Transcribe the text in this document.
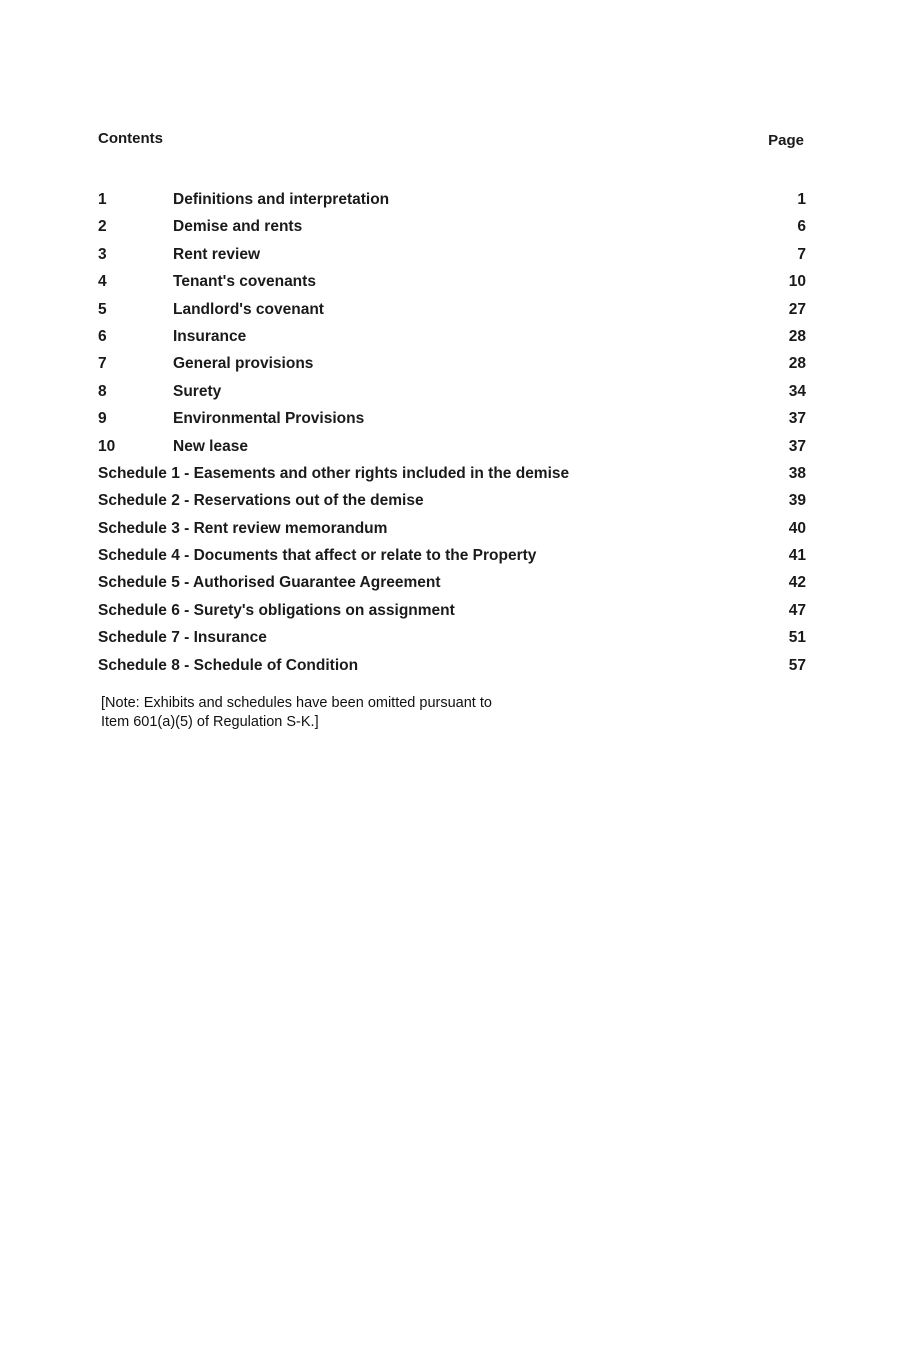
Contents	Page
1	Definitions and interpretation	1
2	Demise and rents	6
3	Rent review	7
4	Tenant's covenants	10
5	Landlord's covenant	27
6	Insurance	28
7	General provisions	28
8	Surety	34
9	Environmental Provisions	37
10	New lease	37
Schedule 1 - Easements and other rights included in the demise	38
Schedule 2 - Reservations out of the demise	39
Schedule 3 - Rent review memorandum	40
Schedule 4 - Documents that affect or relate to the Property	41
Schedule 5 - Authorised Guarantee Agreement	42
Schedule 6 - Surety's obligations on assignment	47
Schedule 7 - Insurance	51
Schedule 8 - Schedule of Condition	57
[Note: Exhibits and schedules have been omitted pursuant to
Item 601(a)(5) of Regulation S-K.]
